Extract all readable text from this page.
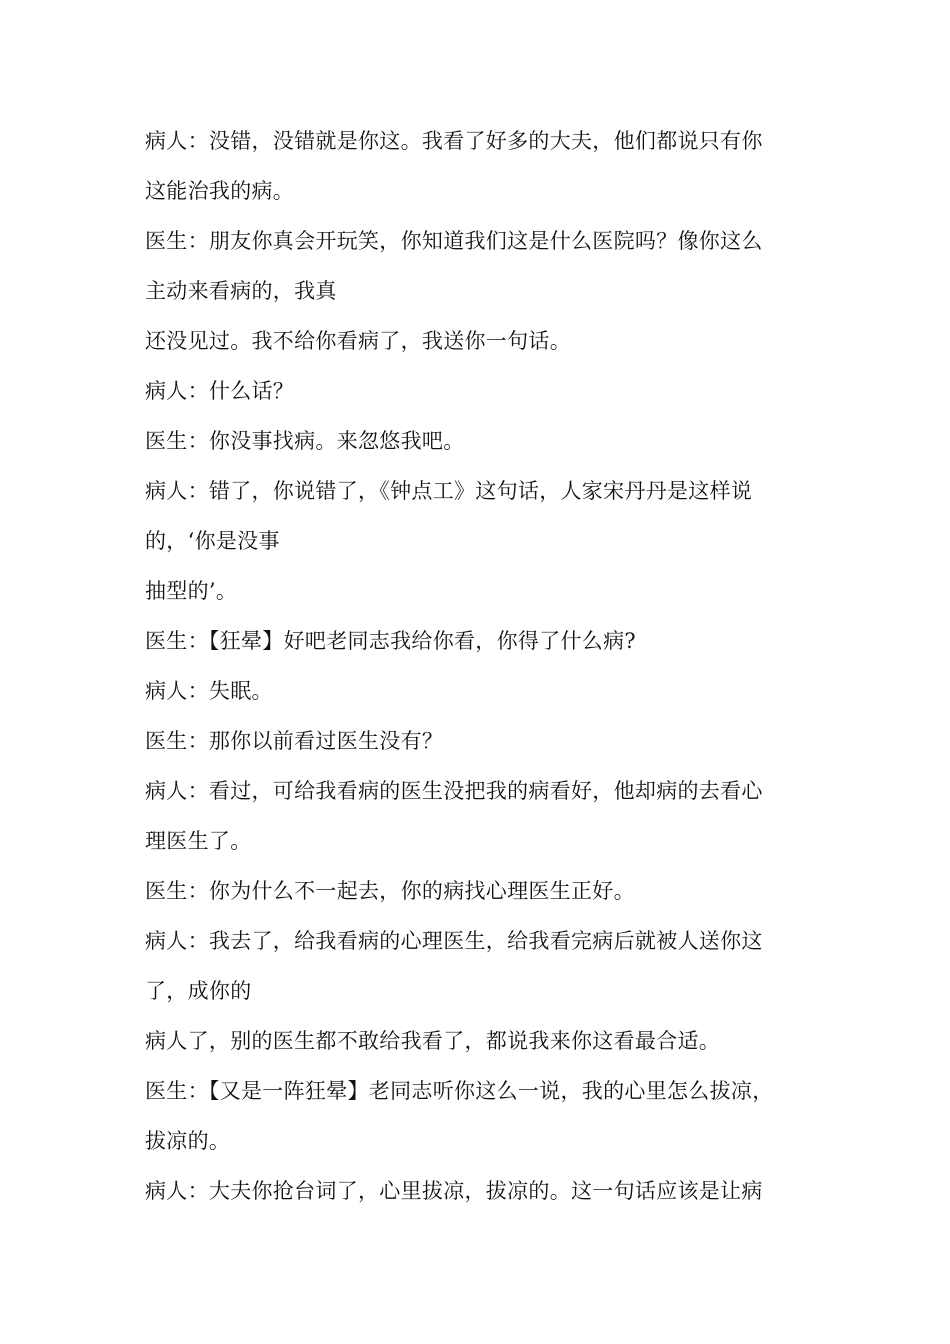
病人：没错，没错就是你这。我看了好多的大夫，他们都说只有你
这能治我的病。
医生：朋友你真会开玩笑，你知道我们这是什么医院吗？像你这么
主动来看病的，我真
还没见过。我不给你看病了，我送你一句话。
病人：什么话？
医生：你没事找病。来忽悠我吧。
病人：错了，你说错了，《钟点工》这句话，人家宋丹丹是这样说
的，‘你是没事
抽型的’。
医生：【狂晕】好吧老同志我给你看，你得了什么病?
病人：失眠。
医生：那你以前看过医生没有？
病人：看过，可给我看病的医生没把我的病看好，他却病的去看心
理医生了。
医生：你为什么不一起去，你的病找心理医生正好。
病人：我去了，给我看病的心理医生，给我看完病后就被人送你这
了，成你的
病人了，别的医生都不敢给我看了，都说我来你这看最合适。
医生：【又是一阵狂晕】老同志听你这么一说，我的心里怎么拔凉，
拔凉的。
病人：大夫你抢台词了，心里拔凉，拔凉的。这一句话应该是让病
